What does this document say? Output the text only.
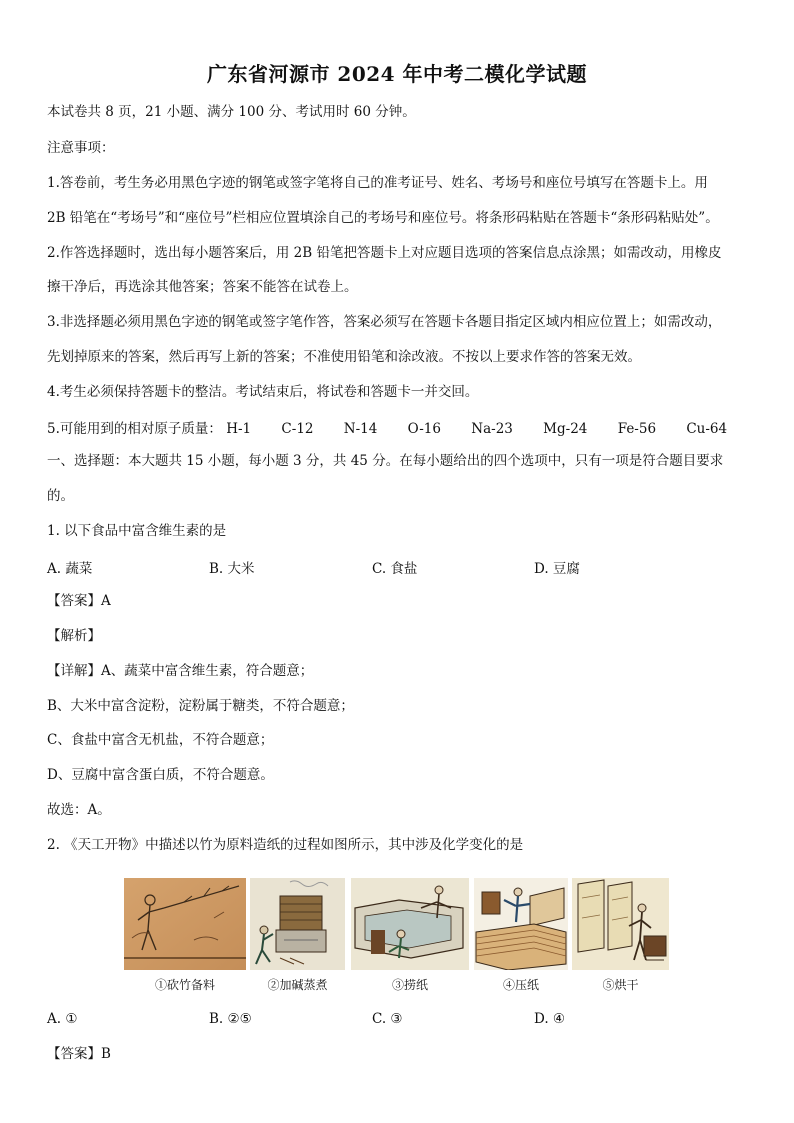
广东省河源市 2024 年中考二模化学试题
本试卷共 8 页，21 小题、满分 100 分、考试用时 60 分钟。
注意事项：
1.答卷前，考生务必用黑色字迹的钢笔或签字笔将自己的准考证号、姓名、考场号和座位号填写在答题卡上。用
2B 铅笔在“考场号”和“座位号”栏相应位置填涂自己的考场号和座位号。将条形码粘贴在答题卡“条形码粘贴处”。
2.作答选择题时，选出每小题答案后，用 2B 铅笔把答题卡上对应题目选项的答案信息点涂黑；如需改动，用橡皮
擦干净后，再选涂其他答案；答案不能答在试卷上。
3.非选择题必须用黑色字迹的钢笔或签字笔作答，答案必须写在答题卡各题目指定区域内相应位置上；如需改动，
先划掉原来的答案，然后再写上新的答案；不准使用铅笔和涂改液。不按以上要求作答的答案无效。
4.考生必须保持答题卡的整洁。考试结束后，将试卷和答题卡一并交回。
5.可能用到的相对原子质量： H-1 C-12 N-14 O-16 Na-23 Mg-24 Fe-56 Cu-64
一、选择题：本大题共 15 小题，每小题 3 分，共 45 分。在每小题给出的四个选项中，只有一项是符合题目要求
的。
1. 以下食品中富含维生素的是
A. 蔬菜	B. 大米	C. 食盐	D. 豆腐
【答案】A
【解析】
【详解】A、蔬菜中富含维生素，符合题意；
B、大米中富含淀粉，淀粉属于糖类，不符合题意；
C、食盐中富含无机盐，不符合题意；
D、豆腐中富含蛋白质，不符合题意。
故选：A。
2. 《天工开物》中描述以竹为原料造纸的过程如图所示，其中涉及化学变化的是
①砍竹备料	②加碱蒸煮	③捞纸	④压纸	⑤烘干
A. ①	B. ②⑤	C. ③	D. ④
【答案】B
